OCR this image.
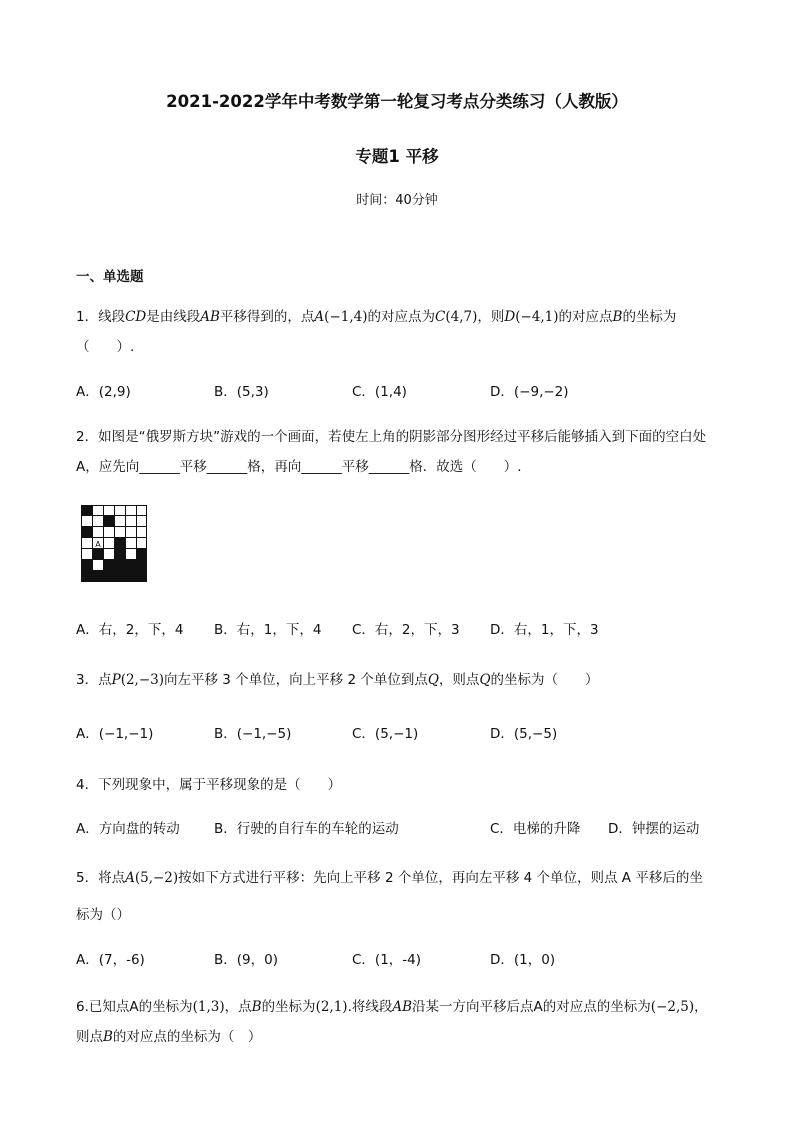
2021-2022学年中考数学第一轮复习考点分类练习（人教版）
专题1 平移
时间：40分钟
一、单选题
1．线段CD是由线段AB平移得到的，点A(−1,4)的对应点为C(4,7)，则D(−4,1)的对应点B的坐标为
（　　）.
A．(2,9)	B．(5,3)	C．(1,4)	D．(−9,−2)
2．如图是“俄罗斯方块”游戏的一个画面，若使左上角的阴影部分图形经过平移后能够插入到下面的空白处
A，应先向______平移______格，再向______平移______格．故选（　　）.
A
A．右，2，下，4 B．右，1，下，4 C．右，2，下，3 D．右，1，下，3
3．点P(2,−3)向左平移 3 个单位，向上平移 2 个单位到点Q，则点Q的坐标为（　　）
A．(−1,−1)	B．(−1,−5)	C．(5,−1)	D．(5,−5)
4．下列现象中，属于平移现象的是（　　）
A．方向盘的转动	B．行驶的自行车的车轮的运动	C．电梯的升降 D．钟摆的运动
5．将点A(5,−2)按如下方式进行平移：先向上平移 2 个单位，再向左平移 4 个单位，则点 A 平移后的坐
标为（）
A．(7，-6)	B．(9，0)	C．(1，-4)	D．(1，0)
6.已知点A的坐标为(1,3)，点B的坐标为(2,1).将线段AB沿某一方向平移后点A的对应点的坐标为(−2,5)，
则点B的对应点的坐标为（　）
